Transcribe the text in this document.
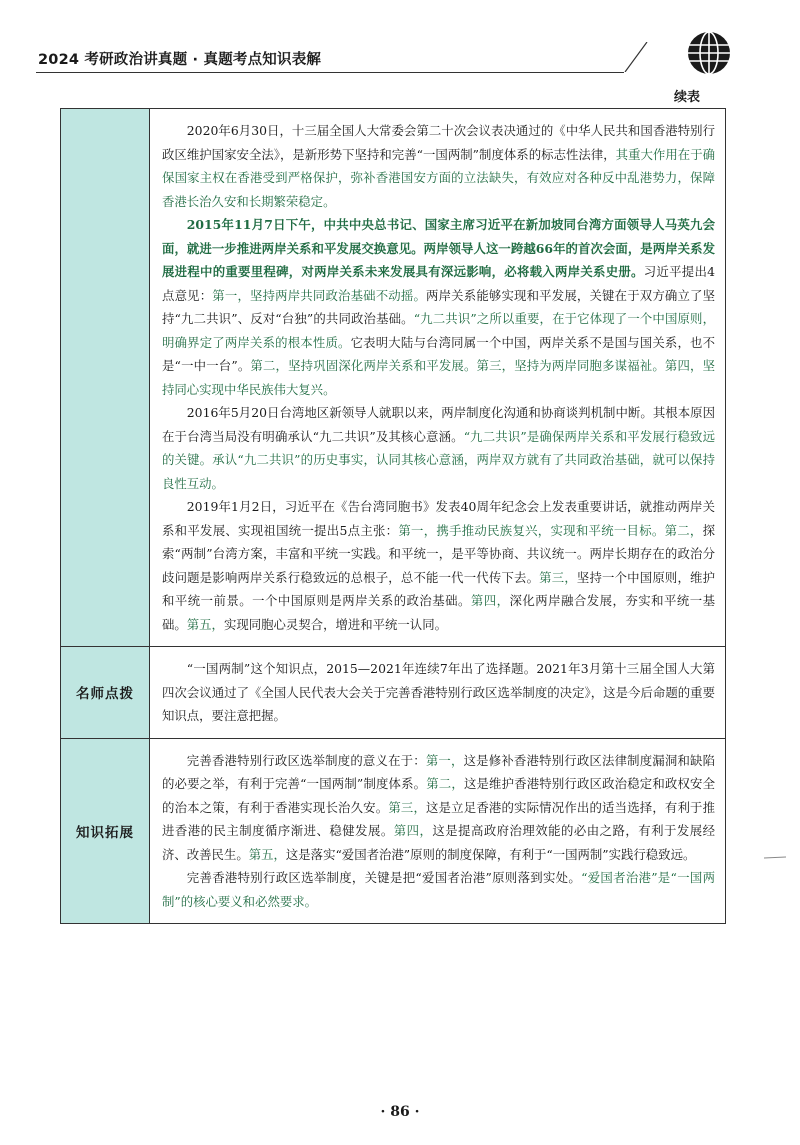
2024 考研政治讲真题 · 真题考点知识表解
续表

2020年6月30日，十三届全国人大常委会第二十次会议表决通过的《中华人民共和国香港特别行政区维护国家安全法》，是新形势下坚持和完善“一国两制”制度体系的标志性法律，其重大作用在于确保国家主权在香港受到严格保护，弥补香港国安方面的立法缺失，有效应对各种反中乱港势力，保障香港长治久安和长期繁荣稳定。

2015年11月7日下午，中共中央总书记、国家主席习近平在新加坡同台湾方面领导人马英九会面，就进一步推进两岸关系和平发展交换意见。两岸领导人这一跨越66年的首次会面，是两岸关系发展进程中的重要里程碑，对两岸关系未来发展具有深远影响，必将载入两岸关系史册。习近平提出4点意见：第一，坚持两岸共同政治基础不动摇。两岸关系能够实现和平发展，关键在于双方确立了坚持“九二共识”、反对“台独”的共同政治基础。“九二共识”之所以重要，在于它体现了一个中国原则，明确界定了两岸关系的根本性质。它表明大陆与台湾同属一个中国，两岸关系不是国与国关系，也不是“一中一台”。第二，坚持巩固深化两岸关系和平发展。第三，坚持为两岸同胞多谋福祉。第四，坚持同心实现中华民族伟大复兴。

2016年5月20日台湾地区新领导人就职以来，两岸制度化沟通和协商谈判机制中断。其根本原因在于台湾当局没有明确承认“九二共识”及其核心意涵。“九二共识”是确保两岸关系和平发展行稳致远的关键。承认“九二共识”的历史事实，认同其核心意涵，两岸双方就有了共同政治基础，就可以保持良性互动。

2019年1月2日，习近平在《告台湾同胞书》发表40周年纪念会上发表重要讲话，就推动两岸关系和平发展、实现祖国统一提出5点主张：第一，携手推动民族复兴，实现和平统一目标。第二，探索“两制”台湾方案，丰富和平统一实践。和平统一，是平等协商、共议统一。两岸长期存在的政治分歧问题是影响两岸关系行稳致远的总根子，总不能一代一代传下去。第三，坚持一个中国原则，维护和平统一前景。一个中国原则是两岸关系的政治基础。第四，深化两岸融合发展，夯实和平统一基础。第五，实现同胞心灵契合，增进和平统一认同。

名师点拨

“一国两制”这个知识点，2015—2021年连续7年出了选择题。2021年3月第十三届全国人大第四次会议通过了《全国人民代表大会关于完善香港特别行政区选举制度的决定》，这是今后命题的重要知识点，要注意把握。

知识拓展

完善香港特别行政区选举制度的意义在于：第一，这是修补香港特别行政区法律制度漏洞和缺陷的必要之举，有利于完善“一国两制”制度体系。第二，这是维护香港特别行政区政治稳定和政权安全的治本之策，有利于香港实现长治久安。第三，这是立足香港的实际情况作出的适当选择，有利于推进香港的民主制度循序渐进、稳健发展。第四，这是提高政府治理效能的必由之路，有利于发展经济、改善民生。第五，这是落实“爱国者治港”原则的制度保障，有利于“一国两制”实践行稳致远。

完善香港特别行政区选举制度，关键是把“爱国者治港”原则落到实处。“爱国者治港”是“一国两制”的核心要义和必然要求。

· 86 ·
